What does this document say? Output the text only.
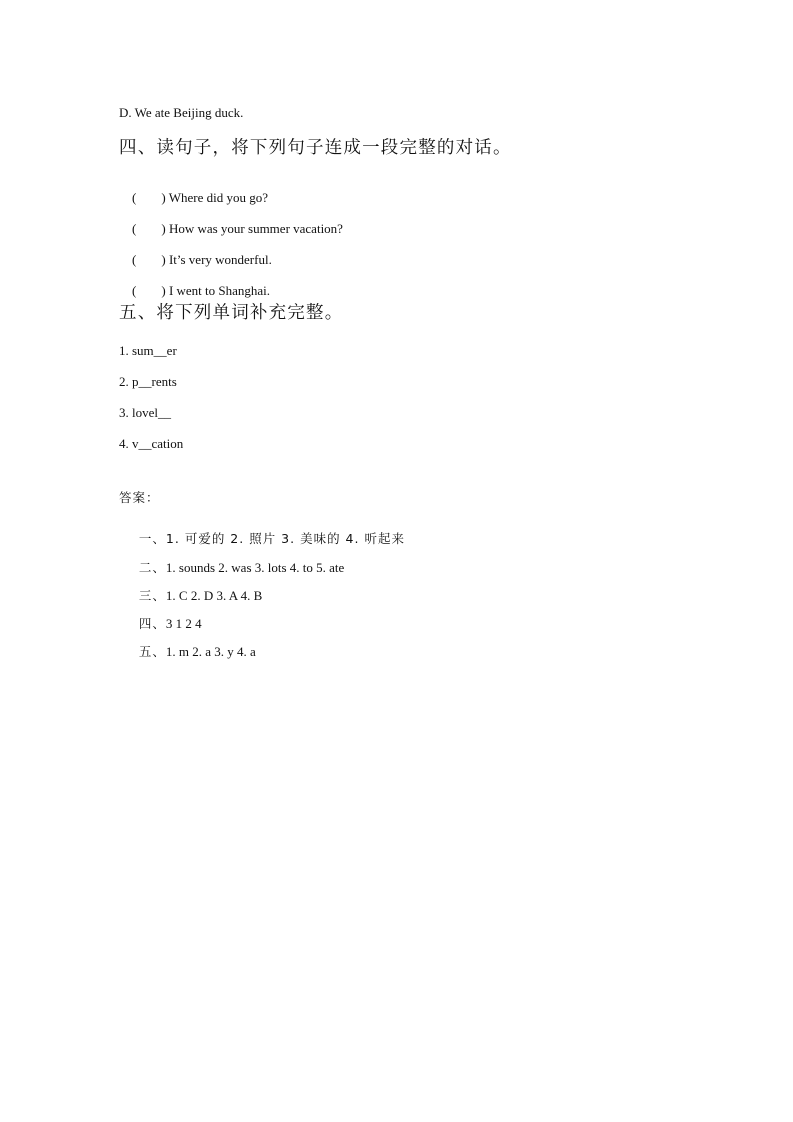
D. We ate Beijing duck.
四、读句子，将下列句子连成一段完整的对话。

( ) Where did you go?

( ) How was your summer vacation?

( ) It’s very wonderful.

( ) I went to Shanghai.

五、将下列单词补充完整。
1. sum__er
2. p__rents
3. lovel__
4. v__cation
答案：

一、1. 可爱的 2. 照片 3. 美味的 4. 听起来

二、1. sounds 2. was 3. lots 4. to 5. ate

三、1. C 2. D 3. A 4. B

四、3 1 2 4

五、1. m 2. a 3. y 4. a
